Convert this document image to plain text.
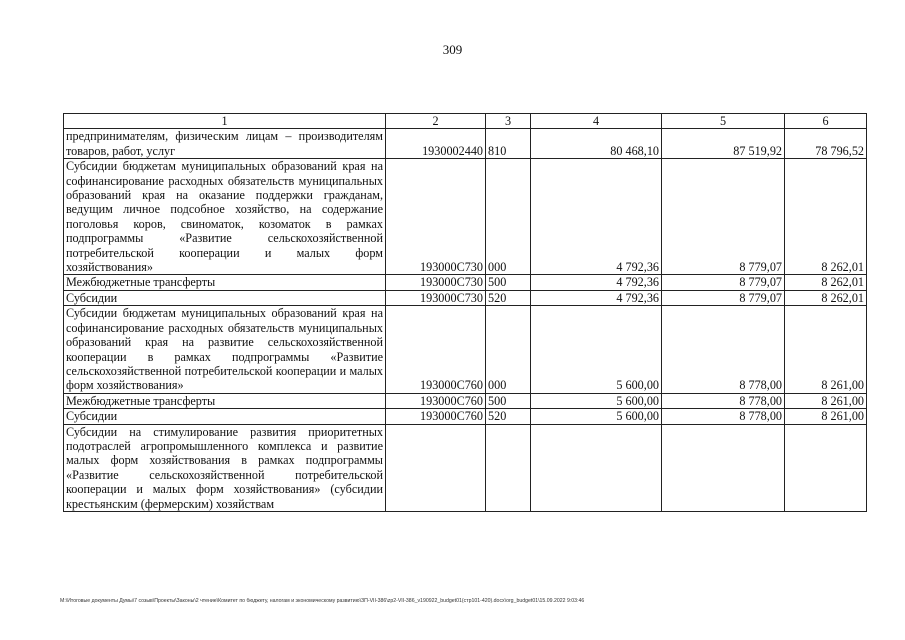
309
1	2	3	4	5	6
предпринимателям, физическим лицам – производителям товаров, работ, услуг	1930002440	810	80 468,10	87 519,92	78 796,52
Субсидии бюджетам муниципальных образований края на софинансирование расходных обязательств муниципальных образований края на оказание поддержки гражданам, ведущим личное подсобное хозяйство, на содержание поголовья коров, свиноматок, козоматок в рамках подпрограммы «Развитие сельскохозяйственной потребительской кооперации и малых форм хозяйствования»	193000С730	000	4 792,36	8 779,07	8 262,01
Межбюджетные трансферты	193000С730	500	4 792,36	8 779,07	8 262,01
Субсидии	193000С730	520	4 792,36	8 779,07	8 262,01
Субсидии бюджетам муниципальных образований края на софинансирование расходных обязательств муниципальных образований края на развитие сельскохозяйственной кооперации в рамках подпрограммы «Развитие сельскохозяйственной потребительской кооперации и малых форм хозяйствования»	193000С760	000	5 600,00	8 778,00	8 261,00
Межбюджетные трансферты	193000С760	500	5 600,00	8 778,00	8 261,00
Субсидии	193000С760	520	5 600,00	8 778,00	8 261,00
Субсидии на стимулирование развития приоритетных подотраслей агропромышленного комплекса и развитие малых форм хозяйствования в рамках подпрограммы «Развитие сельскохозяйственной потребительской кооперации и малых форм хозяйствования» (субсидии крестьянским (фермерским) хозяйствам					
M:\Итоговые документы Думы\7 созыв\Проекты\Законы\2 чтение\Комитет по бюджету, налогам и экономическому развитию\ЗП-VII-386\zp2-VII-386_v190922_budget01(стр101-420).docx\org_budget01\15.09.2022 9:03:46
